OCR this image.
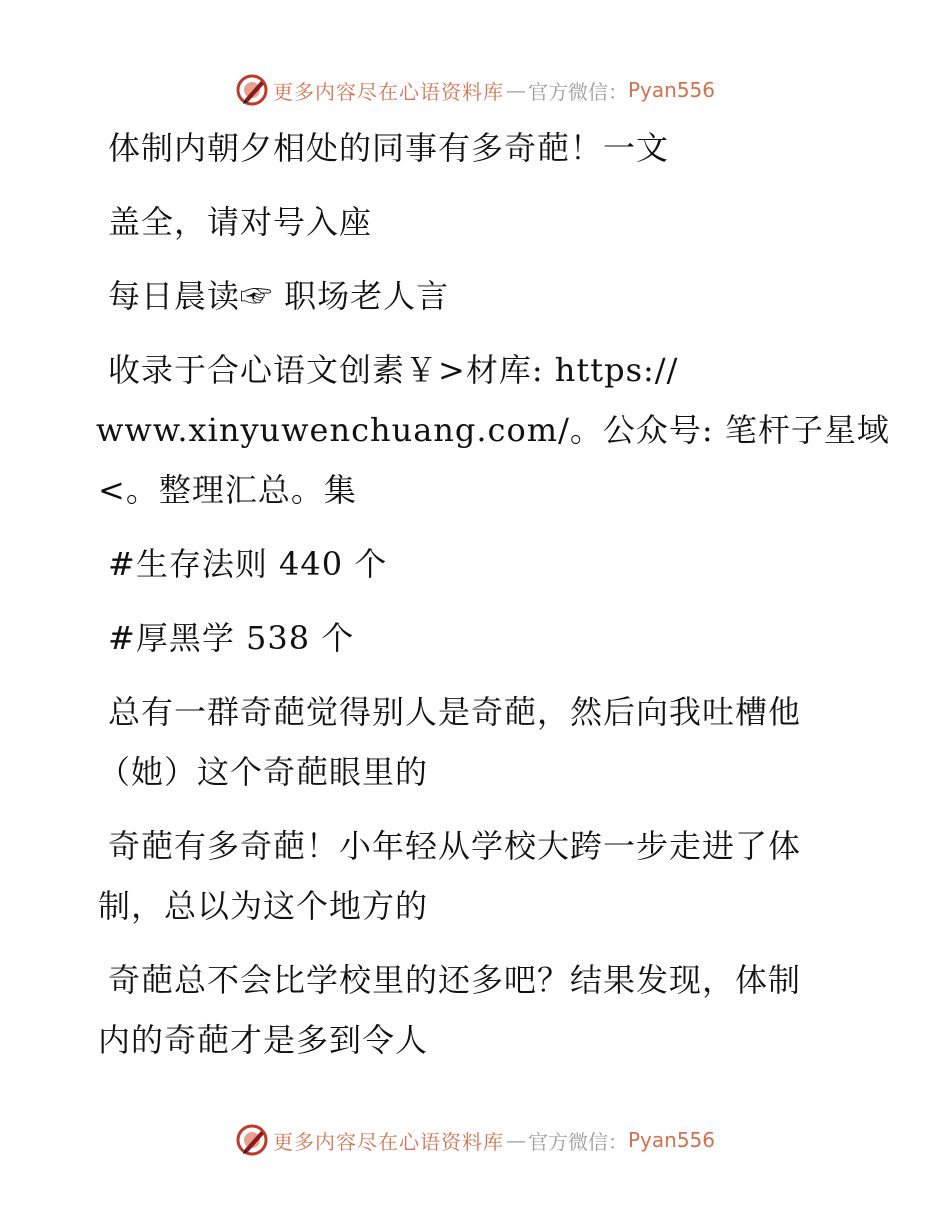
更多内容尽在心语资料库 — 官方微信： Pyan556
体制内朝夕相处的同事有多奇葩！一文
盖全，请对号入座
每日晨读☞ 职场老人言
收录于合心语文创素￥>材库: https://
www.xinyuwenchuang.com/。公众号: 笔杆子星域
<。整理汇总。集
#生存法则 440 个
#厚黑学 538 个
总有一群奇葩觉得别人是奇葩，然后向我吐槽他
（她）这个奇葩眼里的
奇葩有多奇葩！小年轻从学校大跨一步走进了体
制，总以为这个地方的
奇葩总不会比学校里的还多吧？结果发现，体制
内的奇葩才是多到令人
更多内容尽在心语资料库 — 官方微信： Pyan556
